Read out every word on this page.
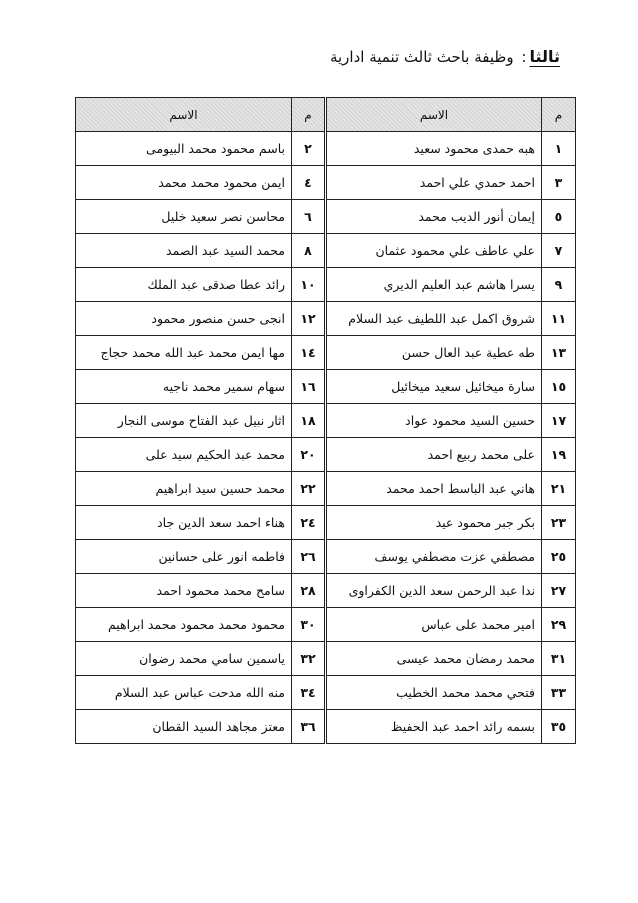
ثالثا: وظيفة باحث ثالث تنمية ادارية
م	الاسم	م	الاسم
١	هبه حمدى محمود سعيد	٢	باسم محمود محمد البيومى
٣	احمد حمدي علي احمد	٤	ايمن محمود محمد محمد
٥	إيمان أنور الديب محمد	٦	محاسن نصر سعيد خليل
٧	علي عاطف علي محمود عثمان	٨	محمد السيد عبد الصمد
٩	يسرا هاشم عبد العليم الديري	١٠	رائد عطا صدقى عبد الملك
١١	شروق اكمل عبد اللطيف عبد السلام	١٢	انجى حسن منصور محمود
١٣	طه عطية عبد العال حسن	١٤	مها ايمن محمد عبد الله محمد حجاج
١٥	سارة ميخائيل سعيد ميخائيل	١٦	سهام سمير محمد ناجيه
١٧	حسين السيد محمود عواد	١٨	اثار نبيل عبد الفتاح موسى النجار
١٩	على محمد ربيع احمد	٢٠	محمد عبد الحكيم سيد على
٢١	هاني عبد الباسط احمد محمد	٢٢	محمد حسين سيد ابراهيم
٢٣	بكر جبر محمود عيد	٢٤	هناء احمد سعد الدين جاد
٢٥	مصطفي عزت مصطفي يوسف	٢٦	فاطمه انور على حسانين
٢٧	ندا عبد الرحمن سعد الدين الكفراوى	٢٨	سامح محمد محمود احمد
٢٩	امير محمد على عباس	٣٠	محمود محمد محمود محمد ابراهيم
٣١	محمد رمضان محمد عيسى	٣٢	ياسمين سامي محمد رضوان
٣٣	فتحي محمد محمد الخطيب	٣٤	منه الله مدحت عباس عبد السلام
٣٥	بسمه رائد احمد عبد الحفيظ	٣٦	معتز مجاهد السيد القطان
